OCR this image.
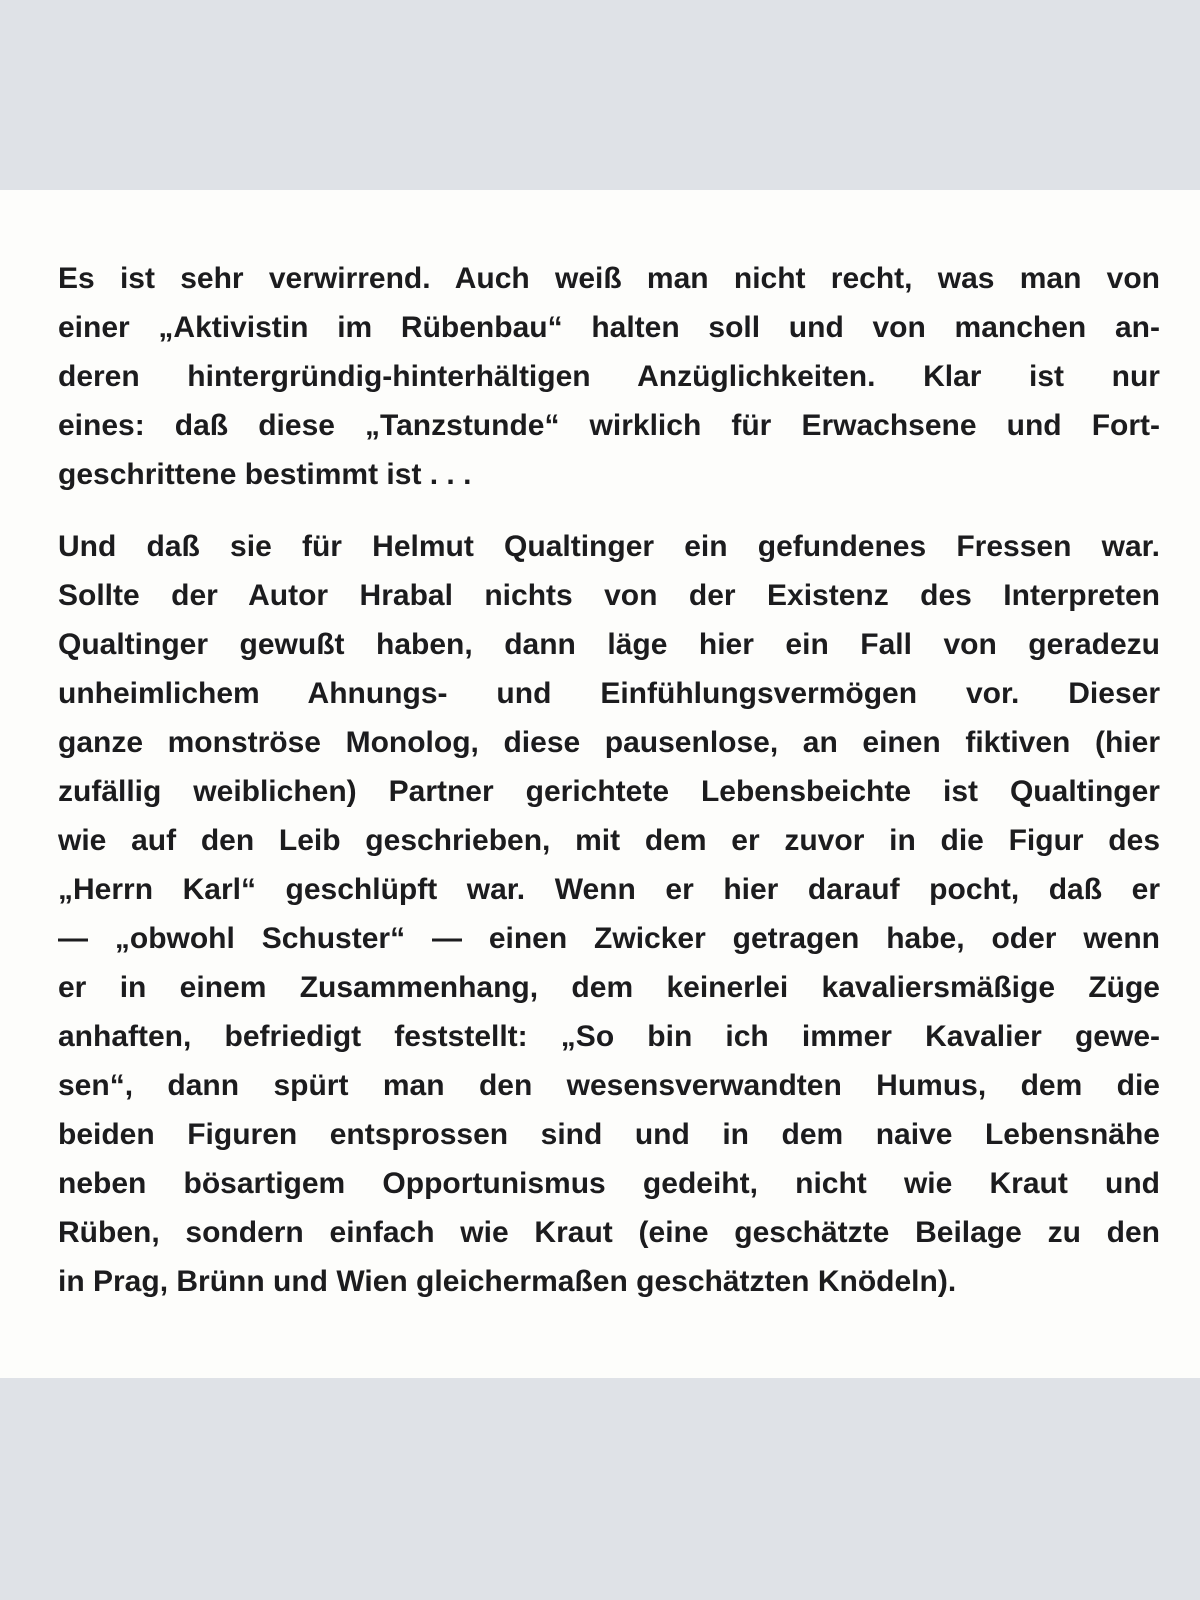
Es ist sehr verwirrend. Auch weiß man nicht recht, was man von
einer „Aktivistin im Rübenbau“ halten soll und von manchen an-
deren hintergründig-hinterhältigen Anzüglichkeiten. Klar ist nur
eines: daß diese „Tanzstunde“ wirklich für Erwachsene und Fort-
geschrittene bestimmt ist . . .
Und daß sie für Helmut Qualtinger ein gefundenes Fressen war.
Sollte der Autor Hrabal nichts von der Existenz des Interpreten
Qualtinger gewußt haben, dann läge hier ein Fall von geradezu
unheimlichem Ahnungs- und Einfühlungsvermögen vor. Dieser
ganze monströse Monolog, diese pausenlose, an einen fiktiven (hier
zufällig weiblichen) Partner gerichtete Lebensbeichte ist Qualtinger
wie auf den Leib geschrieben, mit dem er zuvor in die Figur des
„Herrn Karl“ geschlüpft war. Wenn er hier darauf pocht, daß er
— „obwohl Schuster“ — einen Zwicker getragen habe, oder wenn
er in einem Zusammenhang, dem keinerlei kavaliersmäßige Züge
anhaften, befriedigt feststellt: „So bin ich immer Kavalier gewe-
sen“, dann spürt man den wesensverwandten Humus, dem die
beiden Figuren entsprossen sind und in dem naive Lebensnähe
neben bösartigem Opportunismus gedeiht, nicht wie Kraut und
Rüben, sondern einfach wie Kraut (eine geschätzte Beilage zu den
in Prag, Brünn und Wien gleichermaßen geschätzten Knödeln).
